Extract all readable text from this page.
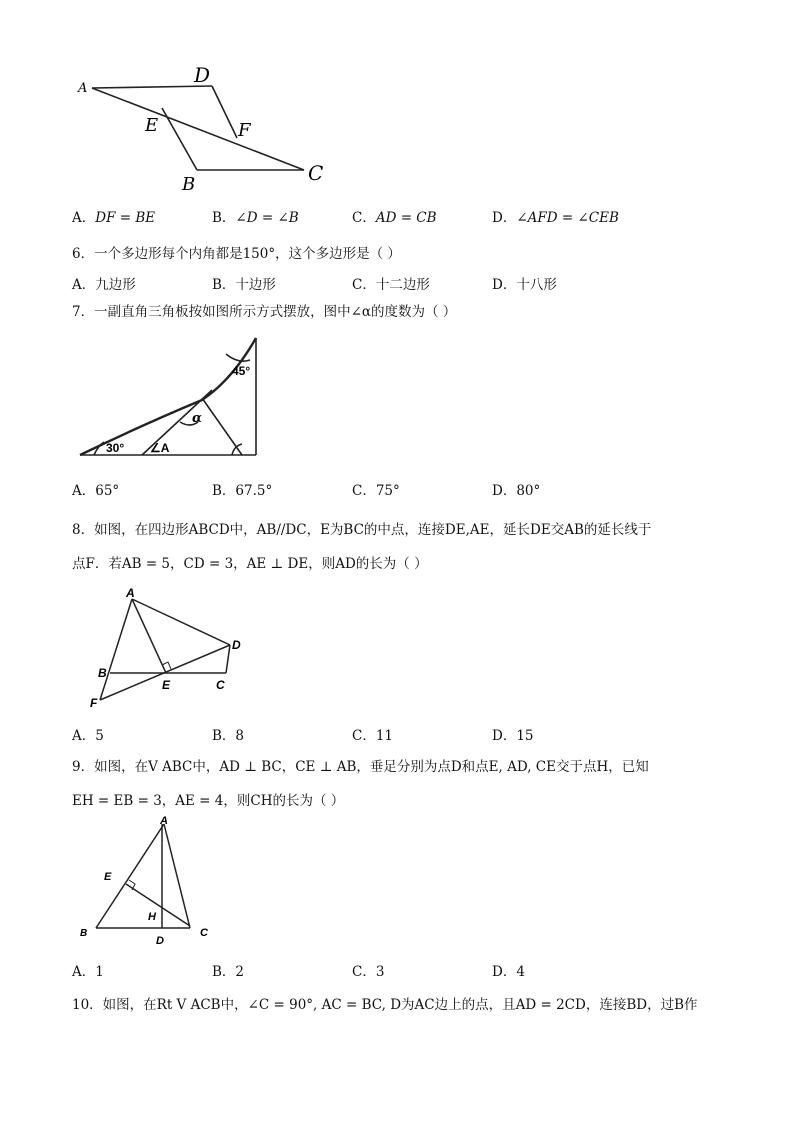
A
D
E	F
B	C
A．DF = BE	B．∠D = ∠B	C．AD = CB	D．∠AFD = ∠CEB
6．一个多边形每个内角都是150°，这个多边形是（ ）
A．九边形	B．十边形	C．十二边形	D．十八形
7．一副直角三角板按如图所示方式摆放，图中∠α的度数为（ ）
45°
α
30° ∠A
A．65°	B．67.5°	C．75°	D．80°
8．如图，在四边形ABCD中，AB//DC，E为BC的中点，连接DE,AE，延长DE交AB的延长线于
点F．若AB = 5，CD = 3，AE ⊥ DE，则AD的长为（ ）
A
D
B
E	C
F
A．5	B．8	C．11	D．15
9．如图，在V ABC中，AD ⊥ BC，CE ⊥ AB，垂足分别为点D和点E, AD, CE交于点H，已知
EH = EB = 3，AE = 4，则CH的长为（ ）
A
E
H
B
D
C
A．1	B．2	C．3	D．4
10．如图，在Rt V ACB中，∠C = 90°, AC = BC, D为AC边上的点，且AD = 2CD，连接BD，过B作
